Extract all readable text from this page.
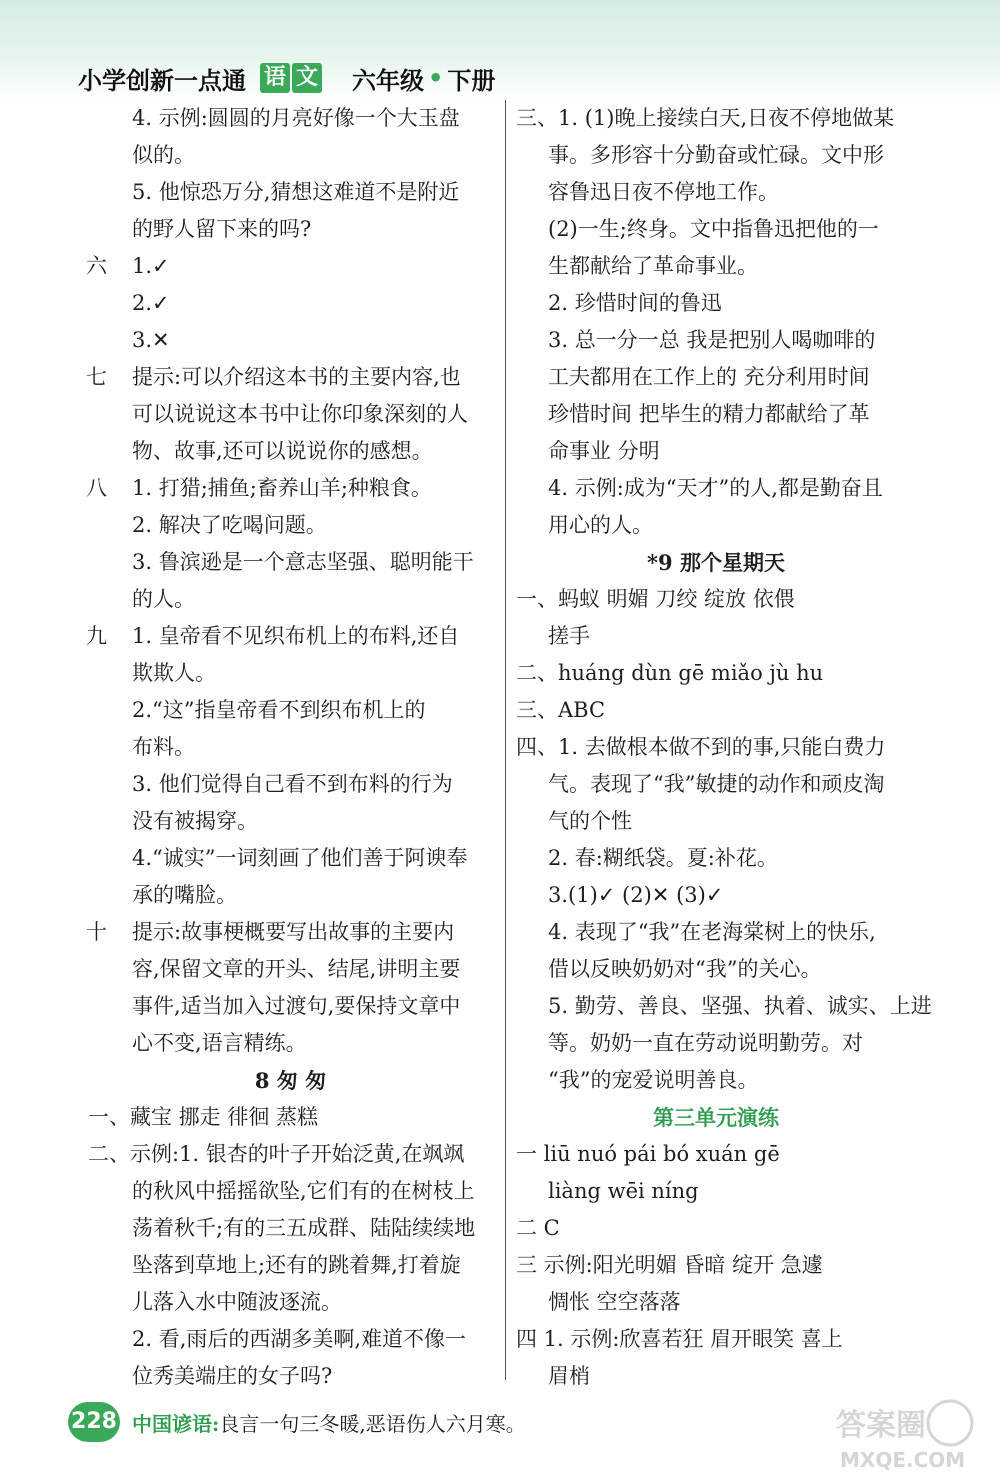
小学创新一点通 语 文 六年级 • 下册
4. 示例:圆圆的月亮好像一个大玉盘
似的。
5. 他惊恐万分,猜想这难道不是附近
的野人留下来的吗?
六 1.✓
2.✓
3.✕
七 提示:可以介绍这本书的主要内容,也
可以说说这本书中让你印象深刻的人
物、故事,还可以说说你的感想。
八 1. 打猎;捕鱼;畜养山羊;种粮食。
2. 解决了吃喝问题。
3. 鲁滨逊是一个意志坚强、聪明能干
的人。
九 1. 皇帝看不见织布机上的布料,还自
欺欺人。
2.“这”指皇帝看不到织布机上的
布料。
3. 他们觉得自己看不到布料的行为
没有被揭穿。
4.“诚实”一词刻画了他们善于阿谀奉
承的嘴脸。
十 提示:故事梗概要写出故事的主要内
容,保留文章的开头、结尾,讲明主要
事件,适当加入过渡句,要保持文章中
心不变,语言精练。
8 匆 匆
一、藏宝 挪走 徘徊 蒸糕
二、示例:1. 银杏的叶子开始泛黄,在飒飒
的秋风中摇摇欲坠,它们有的在树枝上
荡着秋千;有的三五成群、陆陆续续地
坠落到草地上;还有的跳着舞,打着旋
儿落入水中随波逐流。
2. 看,雨后的西湖多美啊,难道不像一
位秀美端庄的女子吗?
三、1. (1)晚上接续白天,日夜不停地做某
事。多形容十分勤奋或忙碌。文中形
容鲁迅日夜不停地工作。
(2)一生;终身。文中指鲁迅把他的一
生都献给了革命事业。
2. 珍惜时间的鲁迅
3. 总一分一总 我是把别人喝咖啡的
工夫都用在工作上的 充分利用时间
珍惜时间 把毕生的精力都献给了革
命事业 分明
4. 示例:成为“天才”的人,都是勤奋且
用心的人。
*9 那个星期天
一、蚂蚁 明媚 刀绞 绽放 依偎
搓手
二、huáng dùn gē miǎo jù hu
三、ABC
四、1. 去做根本做不到的事,只能白费力
气。表现了“我”敏捷的动作和顽皮淘
气的个性
2. 春:糊纸袋。夏:补花。
3.(1)✓ (2)✕ (3)✓
4. 表现了“我”在老海棠树上的快乐,
借以反映奶奶对“我”的关心。
5. 勤劳、善良、坚强、执着、诚实、上进
等。奶奶一直在劳动说明勤劳。对
“我”的宠爱说明善良。
第三单元演练
一 liū nuó pái bó xuán gē
liàng wēi níng
二 C
三 示例:阳光明媚 昏暗 绽开 急遽
惆怅 空空落落
四 1. 示例:欣喜若狂 眉开眼笑 喜上
眉梢
228 中国谚语: 良言一句三冬暖,恶语伤人六月寒。	答案圈
MXQE.COM
